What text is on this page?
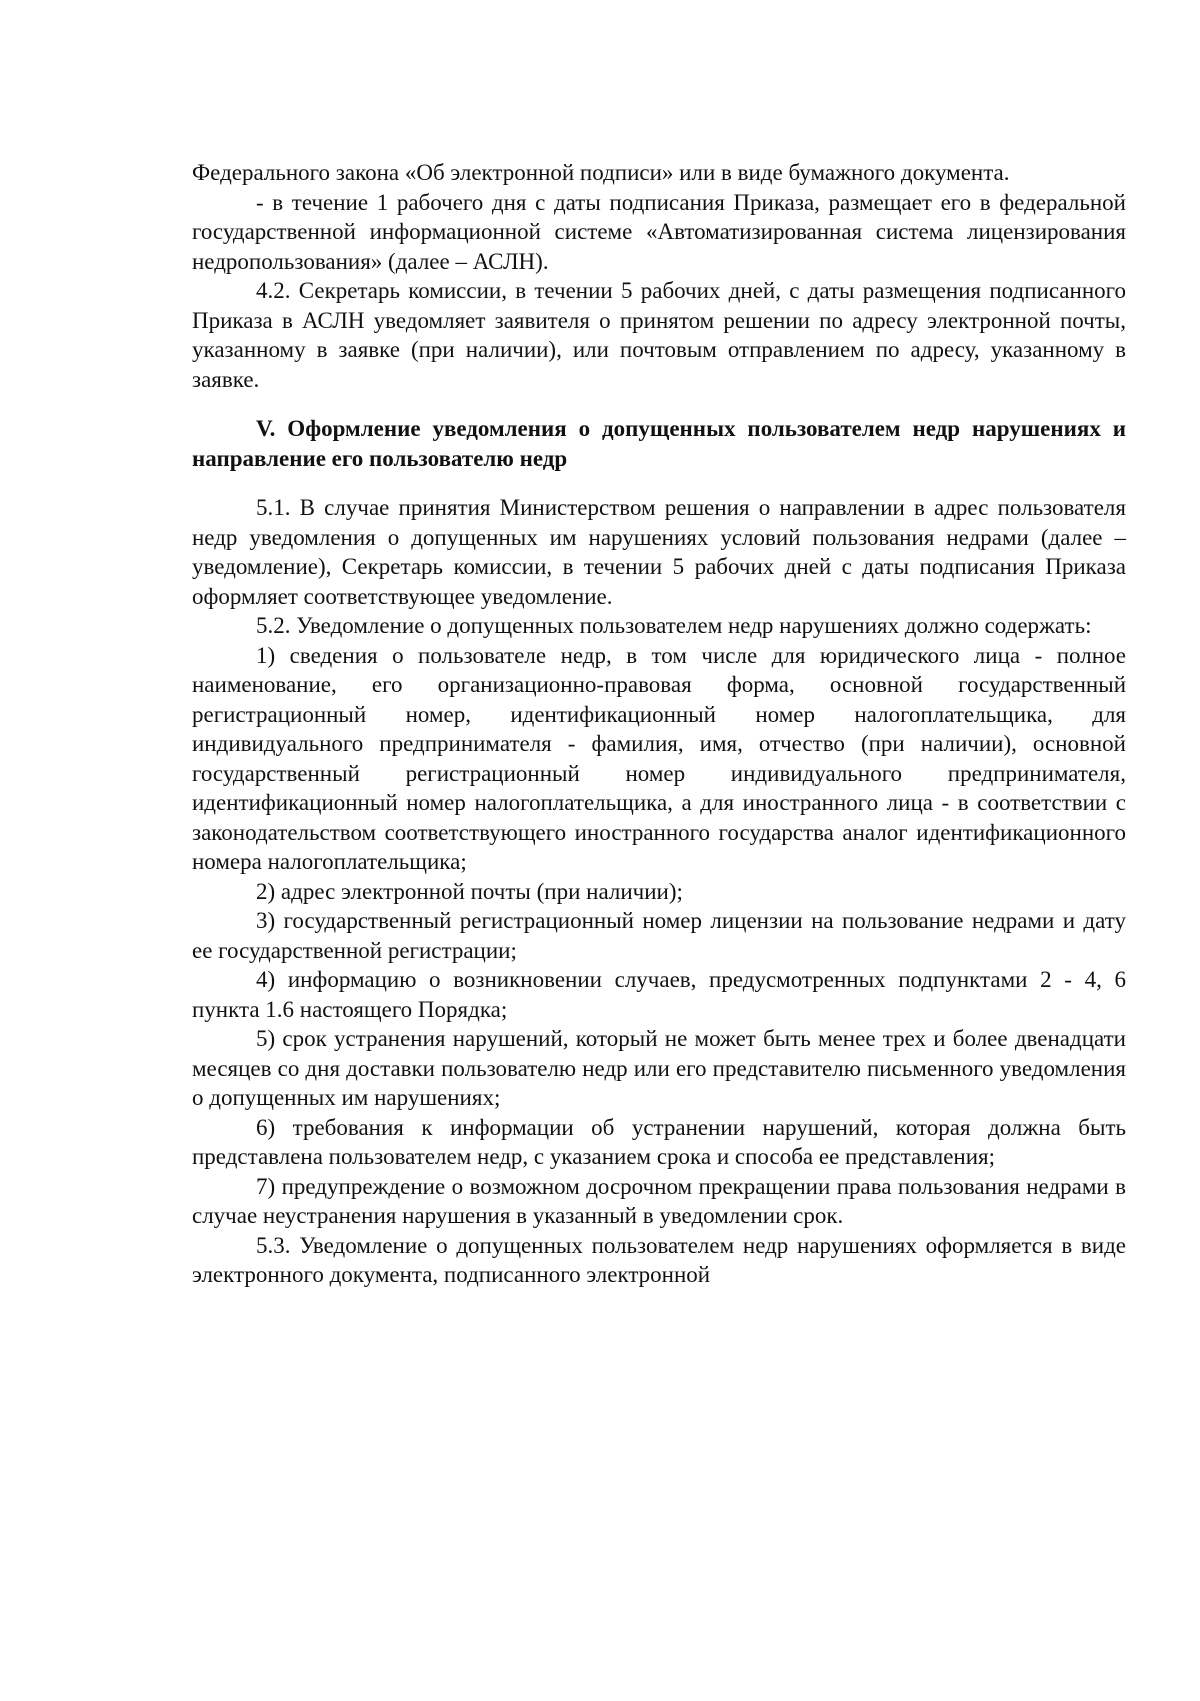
Федерального закона «Об электронной подписи» или в виде бумажного документа.

- в течение 1 рабочего дня с даты подписания Приказа, размещает его в федеральной государственной информационной системе «Автоматизированная система лицензирования недропользования» (далее – АСЛН).

4.2. Секретарь комиссии, в течении 5 рабочих дней, с даты размещения подписанного Приказа в АСЛН уведомляет заявителя о принятом решении по адресу электронной почты, указанному в заявке (при наличии), или почтовым отправлением по адресу, указанному в заявке.

V. Оформление уведомления о допущенных пользователем недр нарушениях и направление его пользователю недр

5.1. В случае принятия Министерством решения о направлении в адрес пользователя недр уведомления о допущенных им нарушениях условий пользования недрами (далее – уведомление), Секретарь комиссии, в течении 5 рабочих дней с даты подписания Приказа оформляет соответствующее уведомление.

5.2. Уведомление о допущенных пользователем недр нарушениях должно содержать:

1) сведения о пользователе недр, в том числе для юридического лица - полное наименование, его организационно-правовая форма, основной государственный регистрационный номер, идентификационный номер налогоплательщика, для индивидуального предпринимателя - фамилия, имя, отчество (при наличии), основной государственный регистрационный номер индивидуального предпринимателя, идентификационный номер налогоплательщика, а для иностранного лица - в соответствии с законодательством соответствующего иностранного государства аналог идентификационного номера налогоплательщика;

2) адрес электронной почты (при наличии);

3) государственный регистрационный номер лицензии на пользование недрами и дату ее государственной регистрации;

4) информацию о возникновении случаев, предусмотренных подпунктами 2 - 4, 6 пункта 1.6 настоящего Порядка;

5) срок устранения нарушений, который не может быть менее трех и более двенадцати месяцев со дня доставки пользователю недр или его представителю письменного уведомления о допущенных им нарушениях;

6) требования к информации об устранении нарушений, которая должна быть представлена пользователем недр, с указанием срока и способа ее представления;

7) предупреждение о возможном досрочном прекращении права пользования недрами в случае неустранения нарушения в указанный в уведомлении срок.

5.3. Уведомление о допущенных пользователем недр нарушениях оформляется в виде электронного документа, подписанного электронной
